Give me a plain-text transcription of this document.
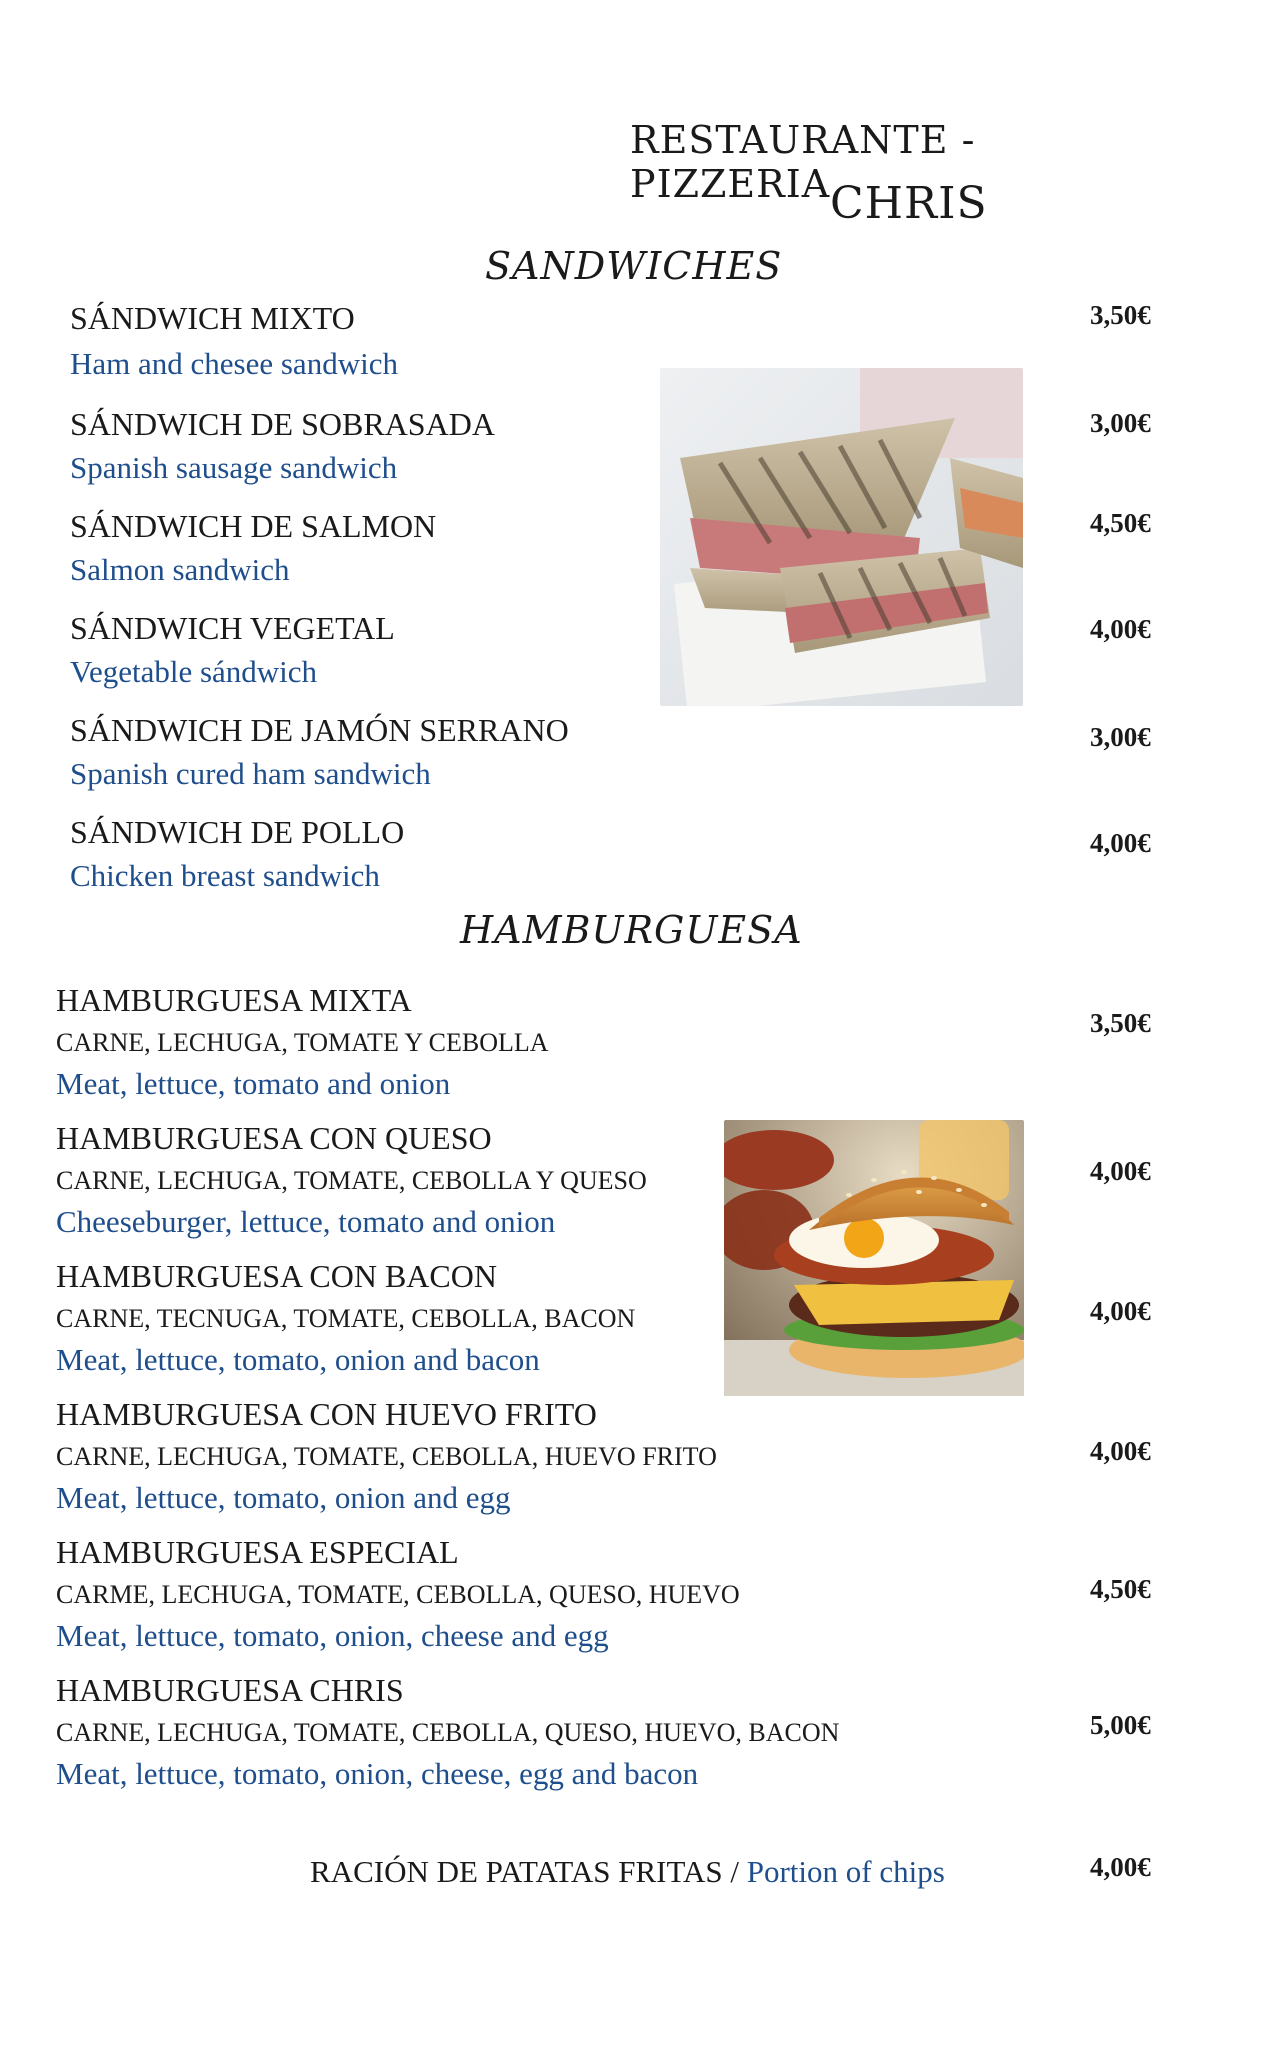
RESTAURANTE - PIZZERIA CHRIS
SANDWICHES
SÁNDWICH MIXTO
Ham and chesee sandwich
3,50€
SÁNDWICH DE SOBRASADA
Spanish sausage sandwich
3,00€
SÁNDWICH DE SALMON
Salmon sandwich
4,50€
SÁNDWICH VEGETAL
Vegetable sándwich
4,00€
SÁNDWICH DE JAMÓN SERRANO
Spanish cured ham sandwich
3,00€
SÁNDWICH DE POLLO
Chicken breast sandwich
4,00€
HAMBURGUESA
HAMBURGUESA MIXTA
CARNE, LECHUGA, TOMATE Y CEBOLLA
Meat, lettuce, tomato and onion
3,50€
HAMBURGUESA CON QUESO
CARNE, LECHUGA, TOMATE, CEBOLLA Y QUESO
Cheeseburger, lettuce, tomato and onion
4,00€
HAMBURGUESA CON BACON
CARNE, TECNUGA, TOMATE, CEBOLLA, BACON
Meat, lettuce, tomato, onion and bacon
4,00€
HAMBURGUESA CON HUEVO FRITO
CARNE, LECHUGA, TOMATE, CEBOLLA, HUEVO FRITO
Meat, lettuce, tomato, onion and egg
4,00€
HAMBURGUESA ESPECIAL
CARME, LECHUGA, TOMATE, CEBOLLA, QUESO, HUEVO
Meat, lettuce, tomato, onion, cheese and egg
4,50€
HAMBURGUESA CHRIS
CARNE, LECHUGA, TOMATE, CEBOLLA, QUESO, HUEVO, BACON
Meat, lettuce, tomato, onion, cheese, egg and bacon
5,00€
RACIÓN DE PATATAS FRITAS / Portion of chips	4,00€
